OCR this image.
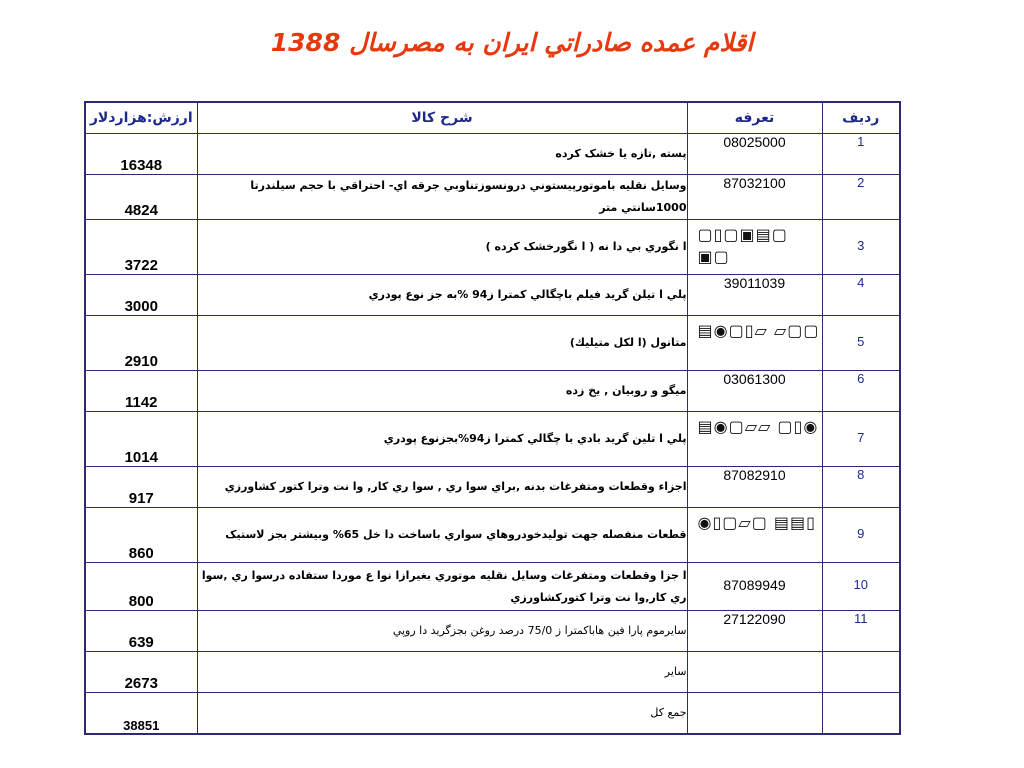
اقلام عمده صادراتي ايران به مصرسال 1388
ارزش:هزاردلار	شرح كالا	تعرفه	رديف
16348	پسته ,تازه يا خشک کرده	08025000	1
4824	وسايل نقليه باموتورپيستوني درونسوزتناوبي جرقه اي- احتراقي با حجم سيلندرتا 1000سانتي متر	87032100	2
3722	ا نگوري بي دا نه ( ا نگورخشک کرده )	▢▯▢▣▤▢ ▣▢	3
3000	پلي ا تيلن گريد فيلم باچگالي كمترا ز94 %به جز نوع پودري	39011039	4
2910	متانول (ا لكل متيليك)	▤◉▢▯▱ ▱▢▢	5
1142	ميگو و روبيان , يخ زده	03061300	6
1014	پلي ا تلين گريد بادي با چگالي كمترا ز94%بجزنوع پودري	▤◉▢▱▱ ▢▯◉	7
917	اجزاء وقطعات ومتفرغات بدنه ,براي سوا ري , سوا ري كار, وا نت وترا كتور كشاورزي	87082910	8
860	قطعات منفصله جهت توليدخودروهاي سواري باساخت دا خل 65% وبيشتر بجز لاستيک	◉▯▢▱▢ ▤▤▯	9
800	ا جزا وقطعات ومتفرغات وسايل نقليه موتوري بغيرازا نوا ع موردا ستفاده درسوا ري ,سوا ري كار,وا نت وترا كتوركشاورزي	87089949	10
639	سايرموم پارا فين هاباكمترا ز 75/0 درصد روغن بجزگريد دا روپي	27122090	11
2673	ساير		
38851	جمع کل		
